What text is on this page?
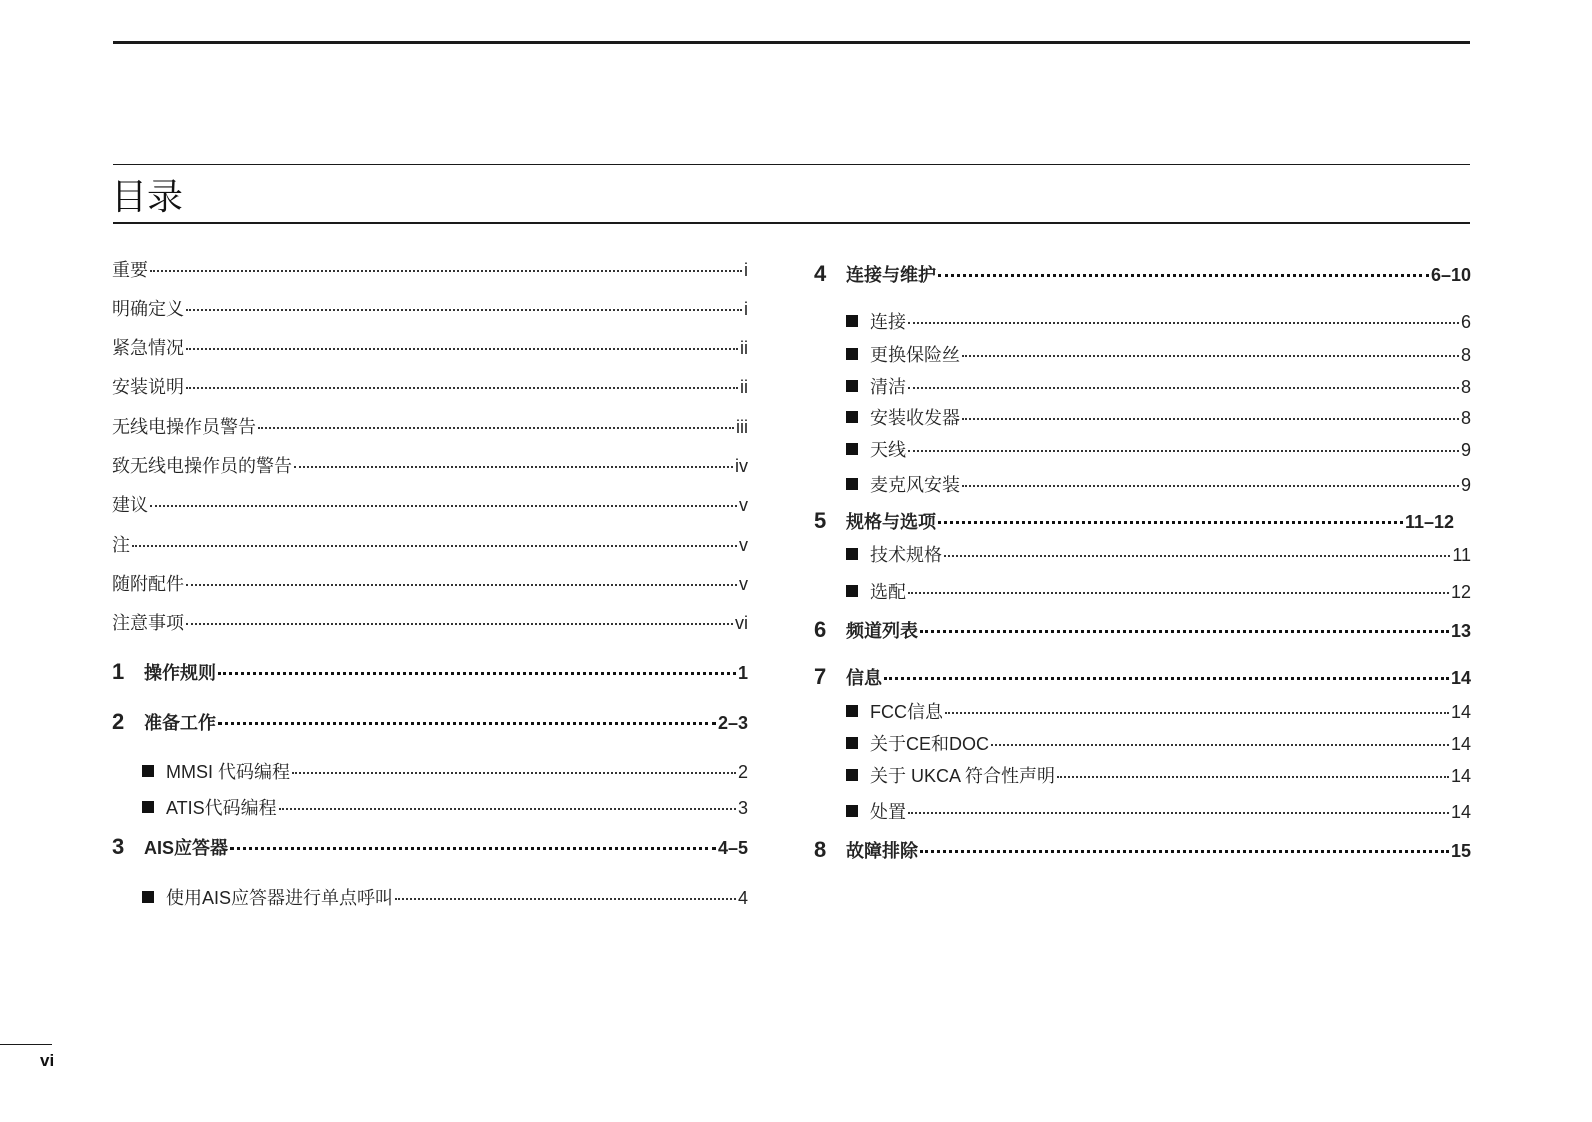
目录
重要	i
明确定义	i
紧急情况	ii
安装说明	ii
无线电操作员警告	iii
致无线电操作员的警告	iv
建议	v
注	v
随附配件	v
注意事项	vi
1	操作规则	1
2	准备工作	2–3
MMSI 代码编程	2
ATIS代码编程	3
3	AIS应答器	4–5
使用AIS应答器进行单点呼叫	4
4	连接与维护	6–10
连接	6
更换保险丝	8
清洁	8
安装收发器	8
天线	9
麦克风安装	9
5	规格与选项	11–12
技术规格	11
选配	12
6	频道列表	13
7	信息	14
FCC信息	14
关于CE和DOC	14
关于 UKCA 符合性声明	14
处置	14
8	故障排除	15
vi
